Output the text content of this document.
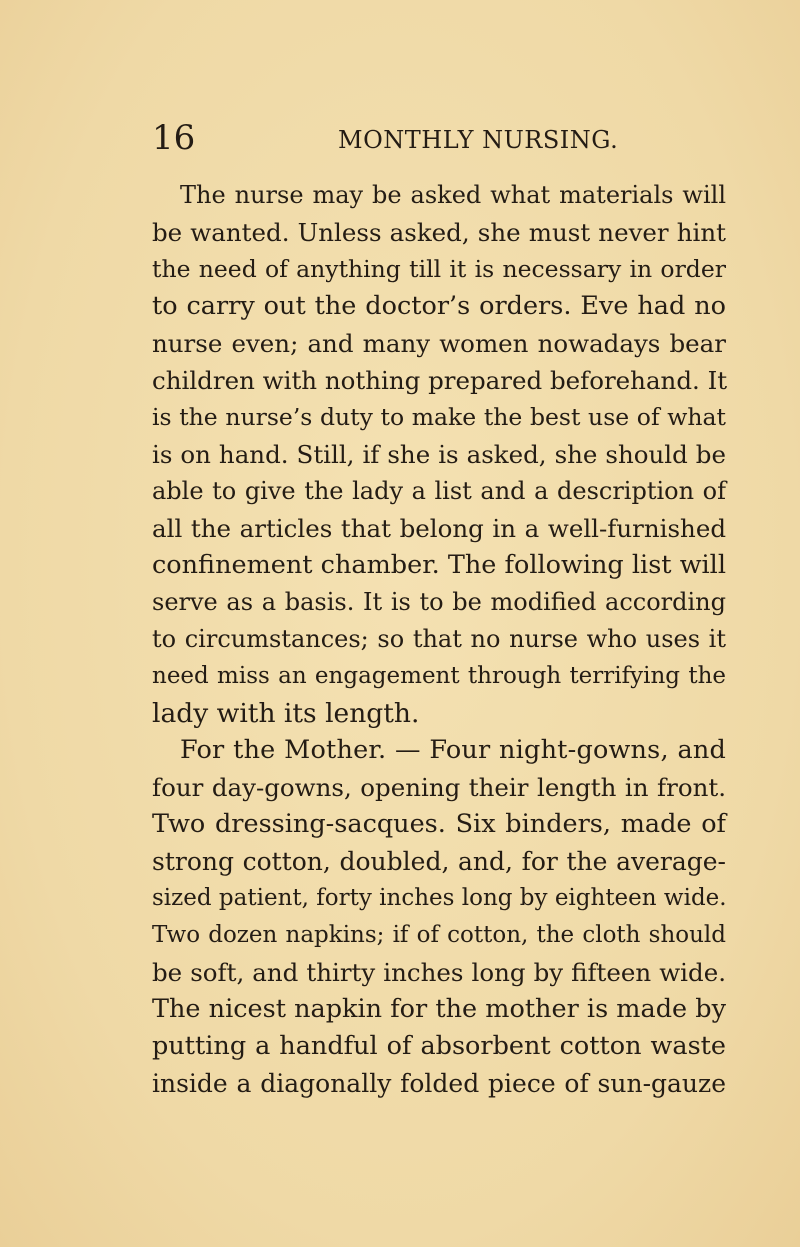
16	MONTHLY NURSING.
The nurse may be asked what materials will
be wanted. Unless asked, she must never hint
the need of anything till it is necessary in order
to carry out the doctor’s orders. Eve had no
nurse even; and many women nowadays bear
children with nothing prepared beforehand. It
is the nurse’s duty to make the best use of what
is on hand. Still, if she is asked, she should be
able to give the lady a list and a description of
all the articles that belong in a well-furnished
confinement chamber. The following list will
serve as a basis. It is to be modified according
to circumstances; so that no nurse who uses it
need miss an engagement through terrifying the
lady with its length.
For the Mother. — Four night-gowns, and
four day-gowns, opening their length in front.
Two dressing-sacques. Six binders, made of
strong cotton, doubled, and, for the average-
sized patient, forty inches long by eighteen wide.
Two dozen napkins; if of cotton, the cloth should
be soft, and thirty inches long by fifteen wide.
The nicest napkin for the mother is made by
putting a handful of absorbent cotton waste
inside a diagonally folded piece of sun-gauze
